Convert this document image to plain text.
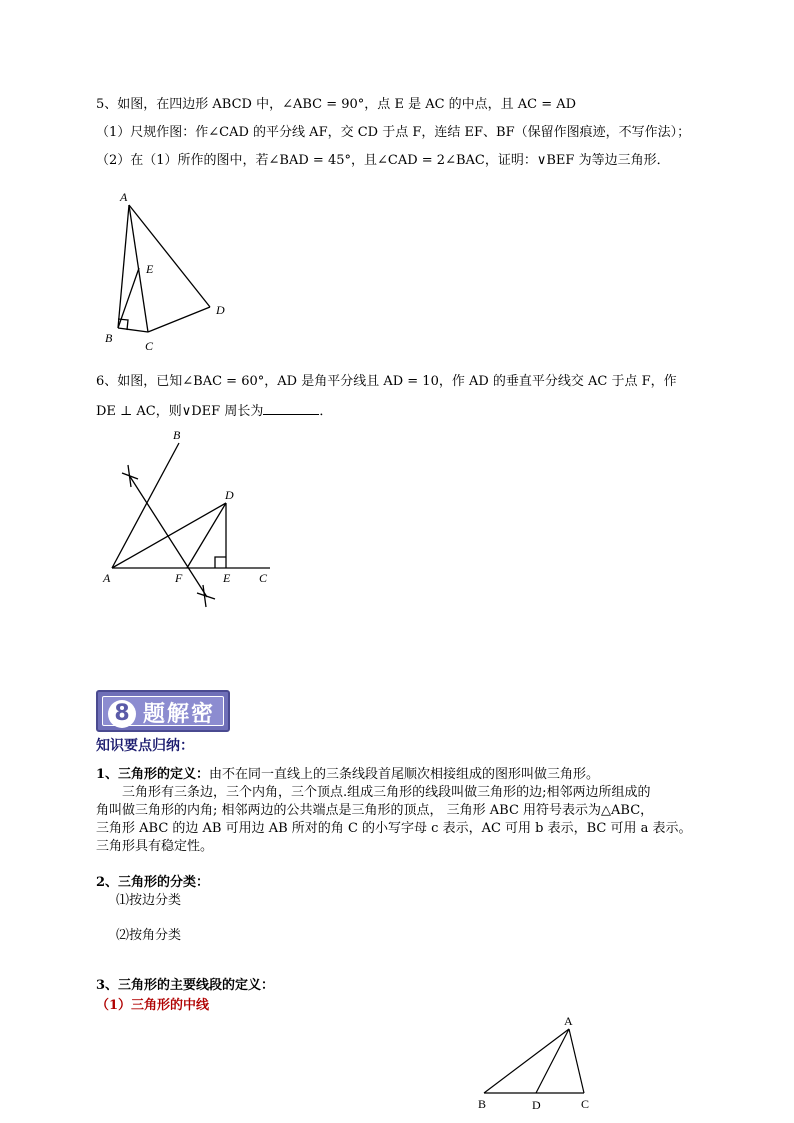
5、如图，在四边形 ABCD 中，∠ABC = 90°，点 E 是 AC 的中点，且 AC = AD
（1）尺规作图：作∠CAD 的平分线 AF，交 CD 于点 F，连结 EF、BF（保留作图痕迹，不写作法）；
（2）在（1）所作的图中，若∠BAD = 45°，且∠CAD = 2∠BAC，证明：∨BEF 为等边三角形．
A
E
D
B
C
6、如图，已知∠BAC = 60°，AD 是角平分线且 AD = 10，作 AD 的垂直平分线交 AC 于点 F，作
DE ⊥ AC，则∨DEF 周长为	．
B
D
A	F	E C
8 题解密
知识要点归纳：
1、三角形的定义：由不在同一直线上的三条线段首尾顺次相接组成的图形叫做三角形。
三角形有三条边，三个内角，三个顶点.组成三角形的线段叫做三角形的边;相邻两边所组成的
角叫做三角形的内角; 相邻两边的公共端点是三角形的顶点， 三角形 ABC 用符号表示为△ABC，
三角形 ABC 的边 AB 可用边 AB 所对的角 C 的小写字母 c 表示，AC 可用 b 表示，BC 可用 a 表示。
三角形具有稳定性。
2、三角形的分类：
⑴按边分类
⑵按角分类
3、三角形的主要线段的定义：
（1）三角形的中线
A
B	D	C
